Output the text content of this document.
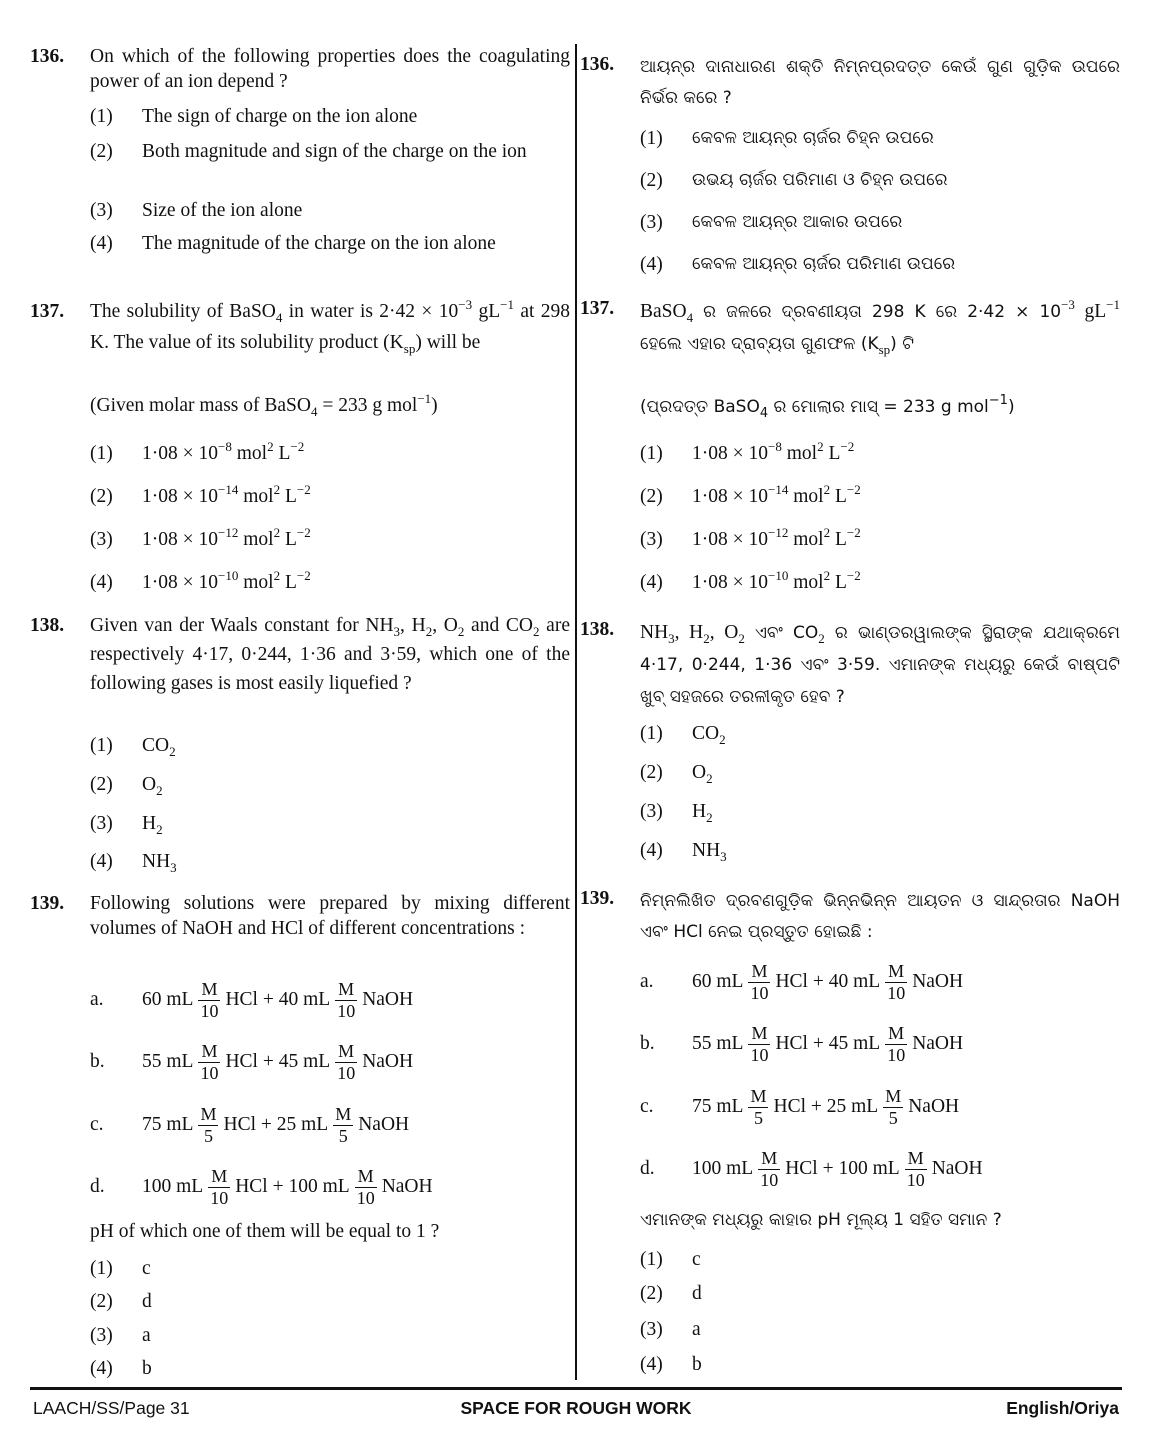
136. On which of the following properties does the coagulating power of an ion depend ?
(1)	The sign of charge on the ion alone
(2)	Both magnitude and sign of the charge on the ion
(3)	Size of the ion alone
(4)	The magnitude of the charge on the ion alone
137. The solubility of BaSO$_4$ in water is $2\cdot 42 \times 10^{-3}$ $gL^{-1}$ at 298 K. The value of its solubility product $(K_{sp})$ will be
(Given molar mass of BaSO$_4$ = 233 g mol$^{-1}$)
(1)	$1\cdot 08 \times 10^{-8}$ mol$^2$ $L^{-2}$
(2)	$1\cdot 08 \times 10^{-14}$ mol$^2$ $L^{-2}$
(3)	$1\cdot 08 \times 10^{-12}$ mol$^2$ $L^{-2}$
(4)	$1\cdot 08 \times 10^{-10}$ mol$^2$ $L^{-2}$
138. Given van der Waals constant for $NH_3$, $H_2$, $O_2$ and $CO_2$ are respectively 4·17, 0·244, 1·36 and 3·59, which one of the following gases is most easily liquefied ?
(1)	$CO_2$
(2)	$O_2$
(3)	$H_2$
(4)	$NH_3$
139. Following solutions were prepared by mixing different volumes of NaOH and HCl of different concentrations :
a.	60 mL $\frac{M}{10}$ HCl + 40 mL $\frac{M}{10}$ NaOH
b.	55 mL $\frac{M}{10}$ HCl + 45 mL $\frac{M}{10}$ NaOH
c.	75 mL $\frac{M}{5}$ HCl + 25 mL $\frac{M}{5}$ NaOH
d.	100 mL $\frac{M}{10}$ HCl + 100 mL $\frac{M}{10}$ NaOH
pH of which one of them will be equal to 1 ?
(1)	c
(2)	d
(3)	a
(4)	b
136. ଆୟନ୍‌ର ଦାନାଧାରଣ ଶକ୍ତି ନିମ୍ନପ୍ରଦତ୍ତ କେଉଁ ଗୁଣ ଗୁଡ଼ିକ ଉପରେ ନିର୍ଭର କରେ ?
(1)	କେବଳ ଆୟନ୍‌ର ଚାର୍ଜର ଚିହ୍ନ ଉପରେ
(2)	ଉଭୟ ଚାର୍ଜର ପରିମାଣ ଓ ଚିହ୍ନ ଉପରେ
(3)	କେବଳ ଆୟନ୍‌ର ଆକାର ଉପରେ
(4)	କେବଳ ଆୟନ୍‌ର ଚାର୍ଜର ପରିମାଣ ଉପରେ
137. BaSO$_4$ ର ଜଳରେ ଦ୍ରବଣୀୟତା 298 K ରେ $2\cdot 42 \times 10^{-3}$ $gL^{-1}$ ହେଲେ ଏହାର ଦ୍ରାବ୍ୟତା ଗୁଣଫଳ $(K_{sp})$ ଟି
(ପ୍ରଦତ୍ତ BaSO$_4$ ର ମୋଲାର ମାସ୍ = 233 g mol$^{-1}$)
(1)	$1\cdot 08 \times 10^{-8}$ mol$^2$ $L^{-2}$
(2)	$1\cdot 08 \times 10^{-14}$ mol$^2$ $L^{-2}$
(3)	$1\cdot 08 \times 10^{-12}$ mol$^2$ $L^{-2}$
(4)	$1\cdot 08 \times 10^{-10}$ mol$^2$ $L^{-2}$
138. $NH_3$, $H_2$, $O_2$ ଏବଂ $CO_2$ ର ଭାଣ୍ଡରୱାଲଙ୍କ ସ୍ଥିରାଙ୍କ ଯଥାକ୍ରମେ 4·17, 0·244, 1·36 ଏବଂ 3·59. ଏମାନଙ୍କ ମଧ୍ୟରୁ କେଉଁ ବାଷ୍ପଟି ଖୁବ୍ ସହଜରେ ତରଳୀକୃତ ହେବ ?
(1)	$CO_2$
(2)	$O_2$
(3)	$H_2$
(4)	$NH_3$
139. ନିମ୍ନଲିଖିତ ଦ୍ରବଣଗୁଡ଼ିକ ଭିନ୍ନଭିନ୍ନ ଆୟତନ ଓ ସାନ୍ଦ୍ରତାର NaOH ଏବଂ HCl ନେଇ ପ୍ରସ୍ତୁତ ହୋଇଛି :
a.	60 mL $\frac{M}{10}$ HCl + 40 mL $\frac{M}{10}$ NaOH
b.	55 mL $\frac{M}{10}$ HCl + 45 mL $\frac{M}{10}$ NaOH
c.	75 mL $\frac{M}{5}$ HCl + 25 mL $\frac{M}{5}$ NaOH
d.	100 mL $\frac{M}{10}$ HCl + 100 mL $\frac{M}{10}$ NaOH
ଏମାନଙ୍କ ମଧ୍ୟରୁ କାହାର pH ମୂଲ୍ୟ 1 ସହିତ ସମାନ ?
(1)	c
(2)	d
(3)	a
(4)	b
LAACH/SS/Page 31	SPACE FOR ROUGH WORK	English/Oriya
